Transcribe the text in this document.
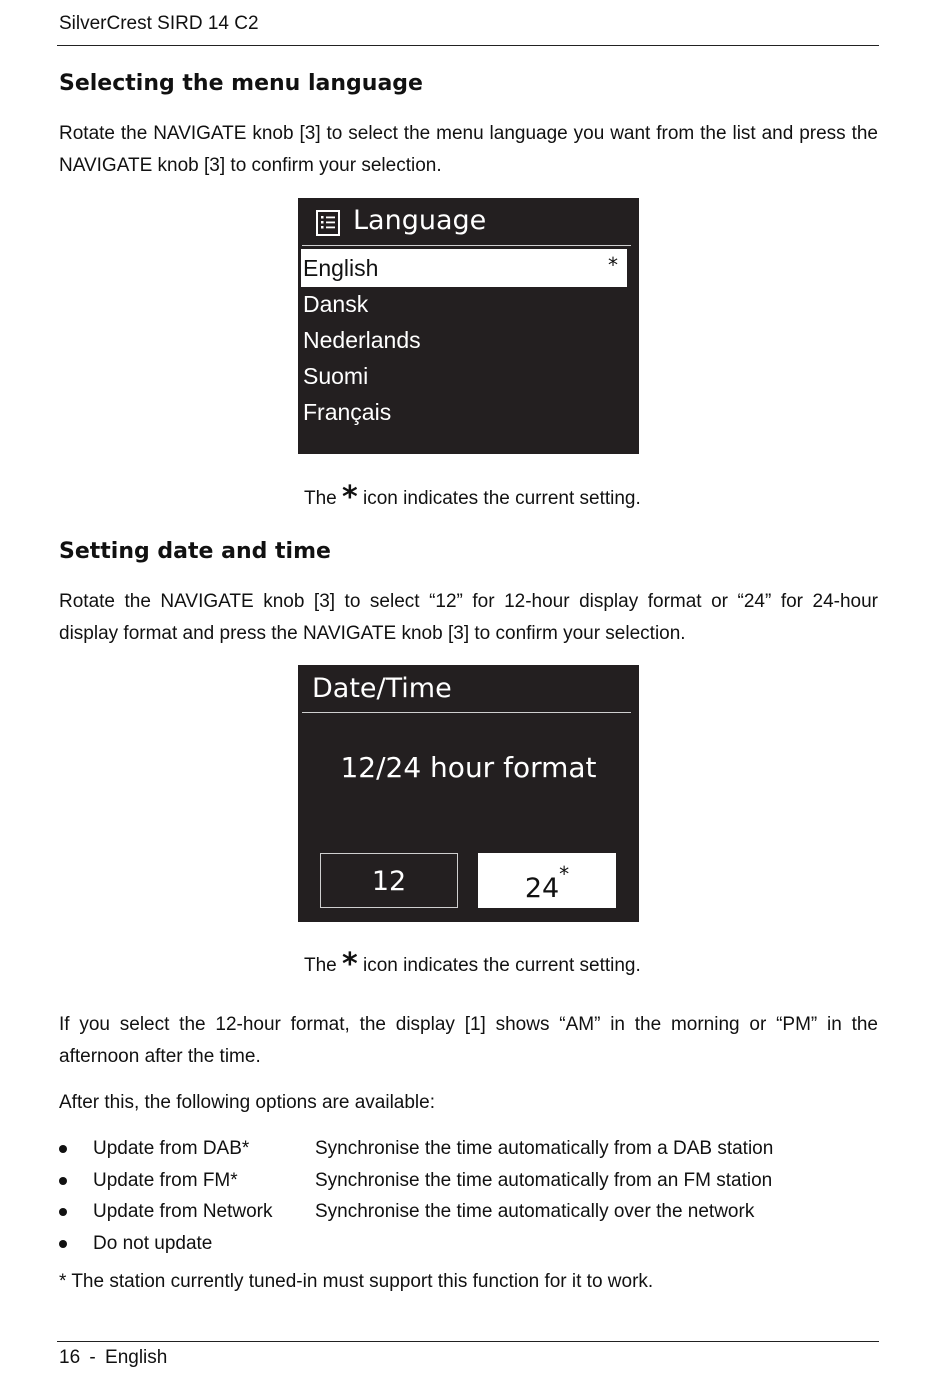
SilverCrest SIRD 14 C2
Selecting the menu language
Rotate the NAVIGATE knob [3] to select the menu language you want from the list and press the NAVIGATE knob [3] to confirm your selection.
Language
English	*
Dansk
Nederlands
Suomi
Français
The * icon indicates the current setting.
Setting date and time
Rotate the NAVIGATE knob [3] to select “12” for 12-hour display format or “24” for 24-hour display format and press the NAVIGATE knob [3] to confirm your selection.
Date/Time
12/24 hour format
12	24*
The * icon indicates the current setting.
If you select the 12-hour format, the display [1] shows “AM” in the morning or “PM” in the afternoon after the time.
After this, the following options are available:
Update from DAB*	Synchronise the time automatically from a DAB station
Update from FM*	Synchronise the time automatically from an FM station
Update from Network Synchronise the time automatically over the network
Do not update
* The station currently tuned-in must support this function for it to work.
16 - English
